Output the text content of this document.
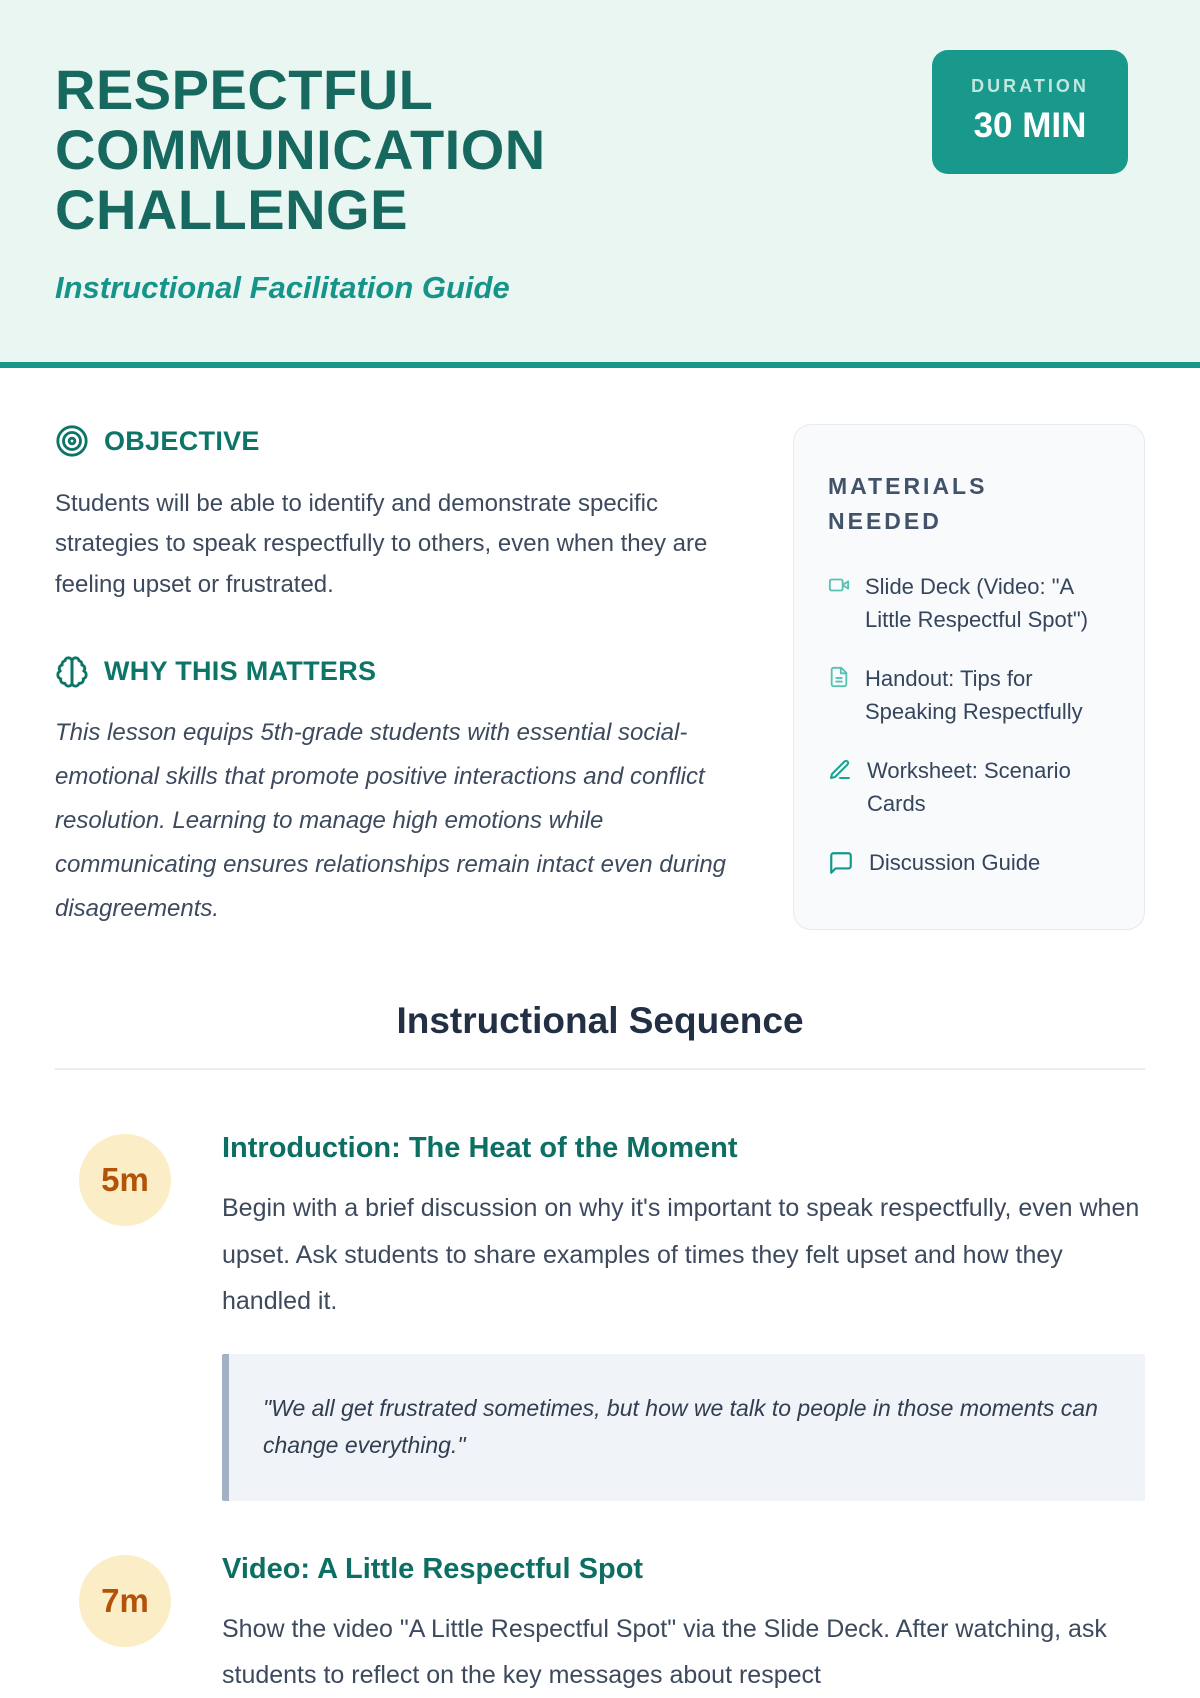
RESPECTFUL COMMUNICATION CHALLENGE
Instructional Facilitation Guide
DURATION
30 MIN
OBJECTIVE

Students will be able to identify and demonstrate specific strategies to speak respectfully to others, even when they are feeling upset or frustrated.

WHY THIS MATTERS

This lesson equips 5th-grade students with essential social-emotional skills that promote positive interactions and conflict resolution. Learning to manage high emotions while communicating ensures relationships remain intact even during disagreements.

MATERIALS NEEDED
Slide Deck (Video: "A Little Respectful Spot")
Handout: Tips for Speaking Respectfully
Worksheet: Scenario Cards
Discussion Guide
Instructional Sequence
5m
Introduction: The Heat of the Moment
Begin with a brief discussion on why it's important to speak respectfully, even when upset. Ask students to share examples of times they felt upset and how they handled it.
"We all get frustrated sometimes, but how we talk to people in those moments can change everything."
7m
Video: A Little Respectful Spot
Show the video "A Little Respectful Spot" via the Slide Deck. After watching, ask students to reflect on the key messages about respect
